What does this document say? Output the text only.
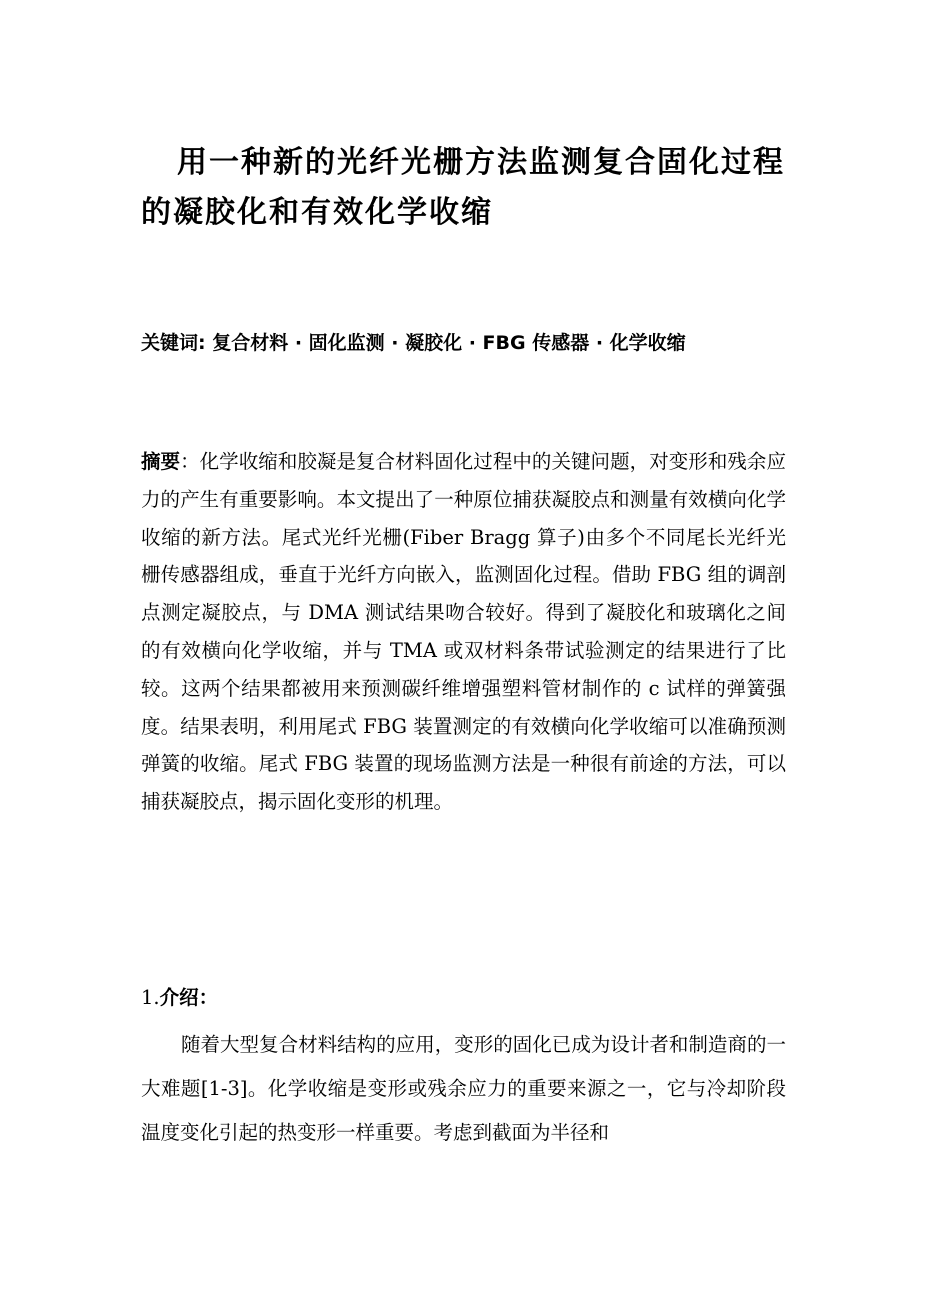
用一种新的光纤光栅方法监测复合固化过程的凝胶化和有效化学收缩

关键词: 复合材料 · 固化监测 · 凝胶化 · FBG 传感器 · 化学收缩

摘要：化学收缩和胶凝是复合材料固化过程中的关键问题，对变形和残余应力的产生有重要影响。本文提出了一种原位捕获凝胶点和测量有效横向化学收缩的新方法。尾式光纤光栅(Fiber Bragg 算子)由多个不同尾长光纤光栅传感器组成，垂直于光纤方向嵌入，监测固化过程。借助 FBG 组的调剖点测定凝胶点，与 DMA 测试结果吻合较好。得到了凝胶化和玻璃化之间的有效横向化学收缩，并与 TMA 或双材料条带试验测定的结果进行了比较。这两个结果都被用来预测碳纤维增强塑料管材制作的 c 试样的弹簧强度。结果表明，利用尾式 FBG 装置测定的有效横向化学收缩可以准确预测弹簧的收缩。尾式 FBG 装置的现场监测方法是一种很有前途的方法，可以捕获凝胶点，揭示固化变形的机理。

1.介绍：

随着大型复合材料结构的应用，变形的固化已成为设计者和制造商的一大难题[1-3]。化学收缩是变形或残余应力的重要来源之一，它与冷却阶段温度变化引起的热变形一样重要。考虑到截面为半径和
